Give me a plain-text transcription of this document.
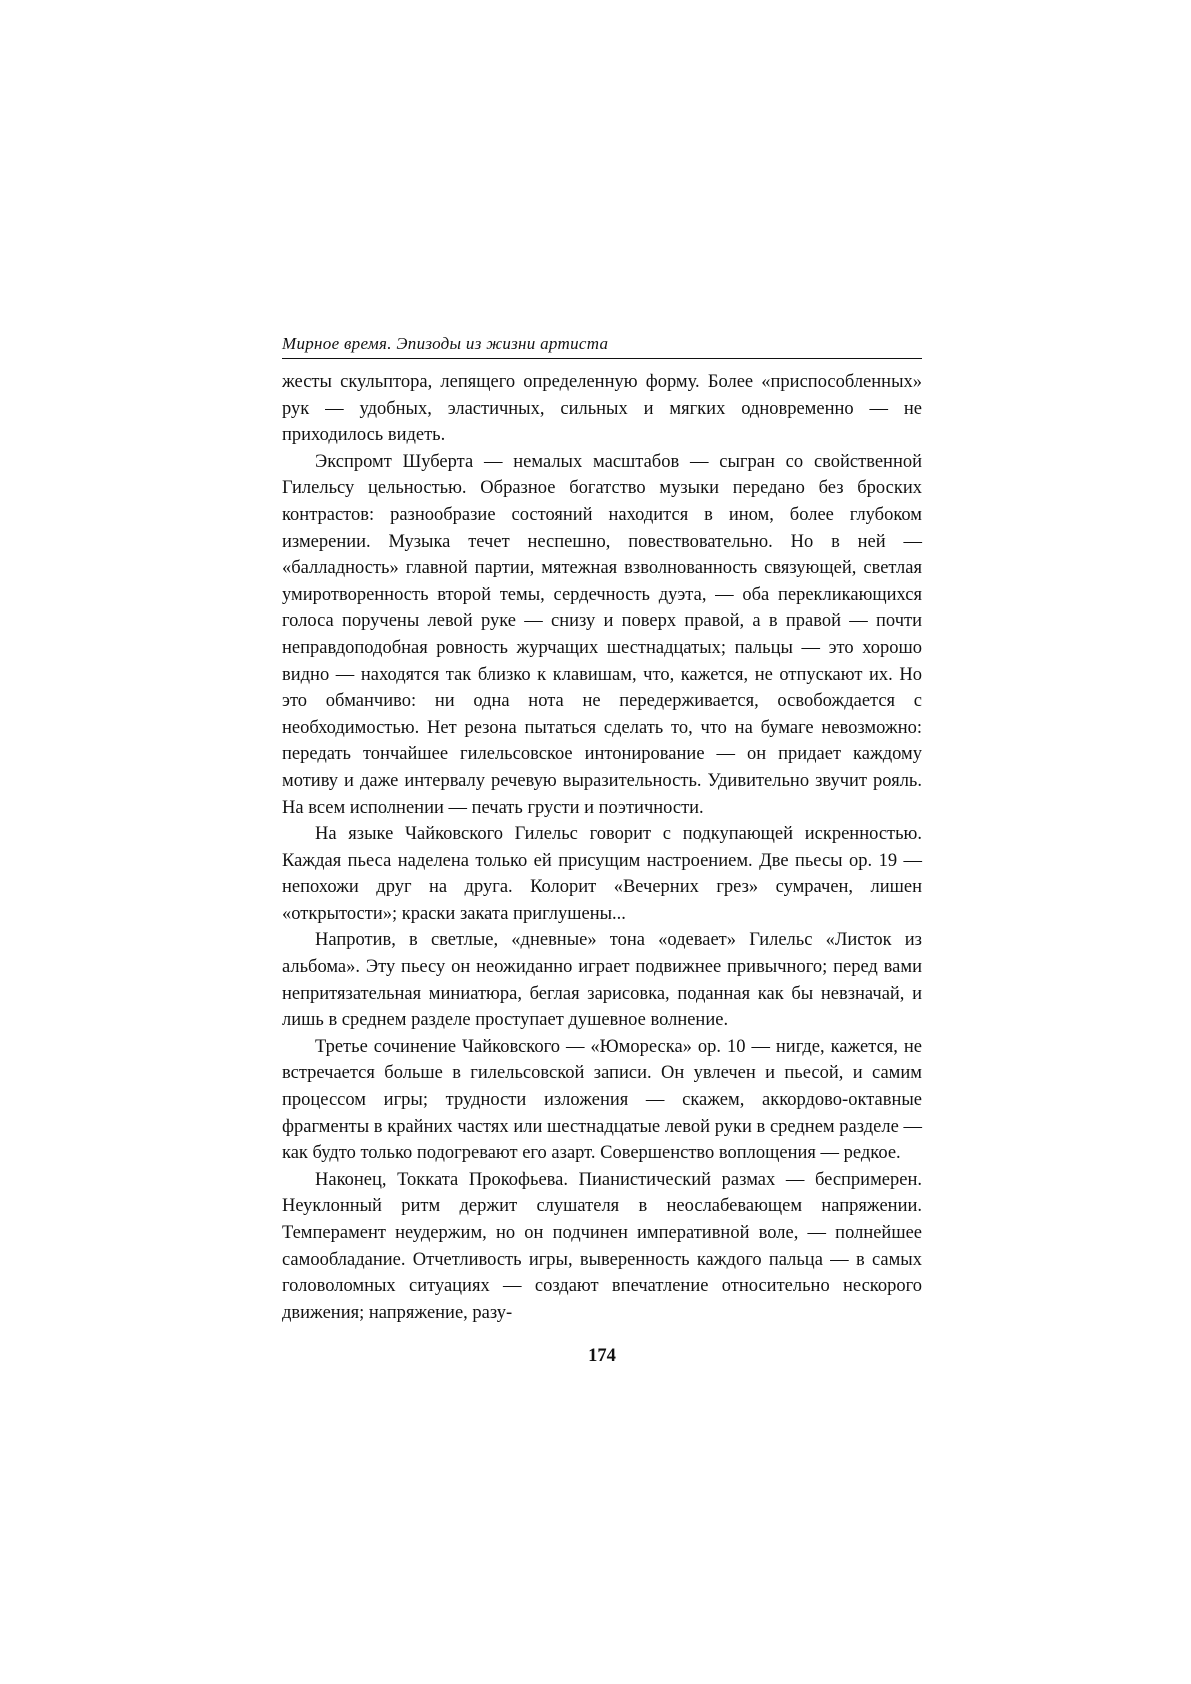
Мирное время. Эпизоды из жизни артиста

жесты скульптора, лепящего определенную форму. Более «приспособленных» рук — удобных, эластичных, сильных и мягких одновременно — не приходилось видеть.

Экспромт Шуберта — немалых масштабов — сыгран со свойственной Гилельсу цельностью. Образное богатство музыки передано без броских контрастов: разнообразие состояний находится в ином, более глубоком измерении. Музыка течет неспешно, повествовательно. Но в ней — «балладность» главной партии, мятежная взволнованность связующей, светлая умиротворенность второй темы, сердечность дуэта, — оба перекликающихся голоса поручены левой руке — снизу и поверх правой, а в правой — почти неправдоподобная ровность журчащих шестнадцатых; пальцы — это хорошо видно — находятся так близко к клавишам, что, кажется, не отпускают их. Но это обманчиво: ни одна нота не передерживается, освобождается с необходимостью. Нет резона пытаться сделать то, что на бумаге невозможно: передать тончайшее гилельсовское интонирование — он придает каждому мотиву и даже интервалу речевую выразительность. Удивительно звучит рояль. На всем исполнении — печать грусти и поэтичности.

На языке Чайковского Гилельс говорит с подкупающей искренностью. Каждая пьеса наделена только ей присущим настроением. Две пьесы ор. 19 — непохожи друг на друга. Колорит «Вечерних грез» сумрачен, лишен «открытости»; краски заката приглушены...

Напротив, в светлые, «дневные» тона «одевает» Гилельс «Листок из альбома». Эту пьесу он неожиданно играет подвижнее привычного; перед вами непритязательная миниатюра, беглая зарисовка, поданная как бы невзначай, и лишь в среднем разделе проступает душевное волнение.

Третье сочинение Чайковского — «Юмореска» ор. 10 — нигде, кажется, не встречается больше в гилельсовской записи. Он увлечен и пьесой, и самим процессом игры; трудности изложения — скажем, аккордово-октавные фрагменты в крайних частях или шестнадцатые левой руки в среднем разделе — как будто только подогревают его азарт. Совершенство воплощения — редкое.

Наконец, Токката Прокофьева. Пианистический размах — беспримерен. Неуклонный ритм держит слушателя в неослабевающем напряжении. Темперамент неудержим, но он подчинен императивной воле, — полнейшее самообладание. Отчетливость игры, выверенность каждого пальца — в самых головоломных ситуациях — создают впечатление относительно нескорого движения; напряжение, разу-

174
